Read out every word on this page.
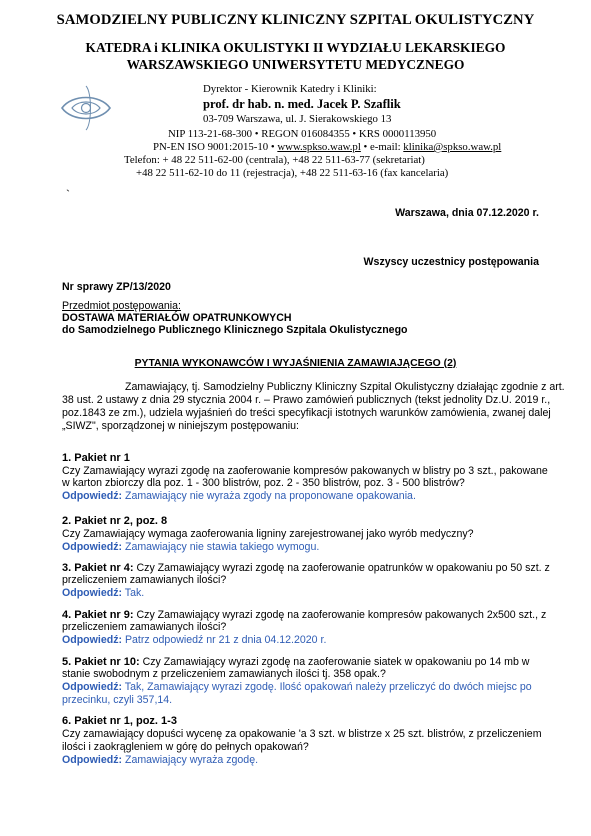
SAMODZIELNY PUBLICZNY KLINICZNY SZPITAL OKULISTYCZNY
KATEDRA i KLINIKA OKULISTYKI II WYDZIAŁU LEKARSKIEGO
WARSZAWSKIEGO UNIWERSYTETU MEDYCZNEGO
Dyrektor - Kierownik Katedry i Kliniki:
prof. dr hab. n. med. Jacek P. Szaflik
03-709 Warszawa, ul. J. Sierakowskiego 13
NIP 113-21-68-300 • REGON 016084355 • KRS 0000113950
PN-EN ISO 9001:2015-10 • www.spkso.waw.pl • e-mail: klinika@spkso.waw.pl
Telefon: + 48 22 511-62-00 (centrala), +48 22 511-63-77 (sekretariat)
+48 22 511-62-10 do 11 (rejestracja), +48 22 511-63-16 (fax kancelaria)
`
Warszawa, dnia 07.12.2020 r.
Wszyscy uczestnicy postępowania
Nr sprawy ZP/13/2020
Przedmiot postępowania:
DOSTAWA MATERIAŁÓW OPATRUNKOWYCH
do Samodzielnego Publicznego Klinicznego Szpitala Okulistycznego
PYTANIA WYKONAWCÓW I WYJAŚNIENIA ZAMAWIAJĄCEGO (2)
Zamawiający, tj. Samodzielny Publiczny Kliniczny Szpital Okulistyczny działając zgodnie z art.
38 ust. 2 ustawy z dnia 29 stycznia 2004 r. – Prawo zamówień publicznych (tekst jednolity Dz.U. 2019 r.,
poz.1843 ze zm.), udziela wyjaśnień do treści specyfikacji istotnych warunków zamówienia, zwanej dalej
„SIWZ", sporządzonej w niniejszym postępowaniu:
1. Pakiet nr 1
Czy Zamawiający wyrazi zgodę na zaoferowanie kompresów pakowanych w blistry po 3 szt., pakowane
w karton zbiorczy dla poz. 1 - 300 blistrów, poz. 2 - 350 blistrów, poz. 3 - 500 blistrów?
Odpowiedź: Zamawiający nie wyraża zgody na proponowane opakowania.
2. Pakiet nr 2, poz. 8
Czy Zamawiający wymaga zaoferowania ligniny zarejestrowanej jako wyrób medyczny?
Odpowiedź: Zamawiający nie stawia takiego wymogu.
3. Pakiet nr 4: Czy Zamawiający wyrazi zgodę na zaoferowanie opatrunków w opakowaniu po 50 szt. z
przeliczeniem zamawianych ilości?
Odpowiedź: Tak.
4. Pakiet nr 9: Czy Zamawiający wyrazi zgodę na zaoferowanie kompresów pakowanych 2x500 szt., z
przeliczeniem zamawianych ilości?
Odpowiedź: Patrz odpowiedź nr 21 z dnia 04.12.2020 r.
5. Pakiet nr 10: Czy Zamawiający wyrazi zgodę na zaoferowanie siatek w opakowaniu po 14 mb w
stanie swobodnym z przeliczeniem zamawianych ilości tj. 358 opak.?
Odpowiedź: Tak, Zamawiający wyrazi zgodę. Ilość opakowań należy przeliczyć do dwóch miejsc po
przecinku, czyli 357,14.
6. Pakiet nr 1, poz. 1-3
Czy zamawiający dopuści wycenę za opakowanie 'a 3 szt. w blistrze x 25 szt. blistrów, z przeliczeniem
ilości i zaokrągleniem w górę do pełnych opakowań?
Odpowiedź: Zamawiający wyraża zgodę.
